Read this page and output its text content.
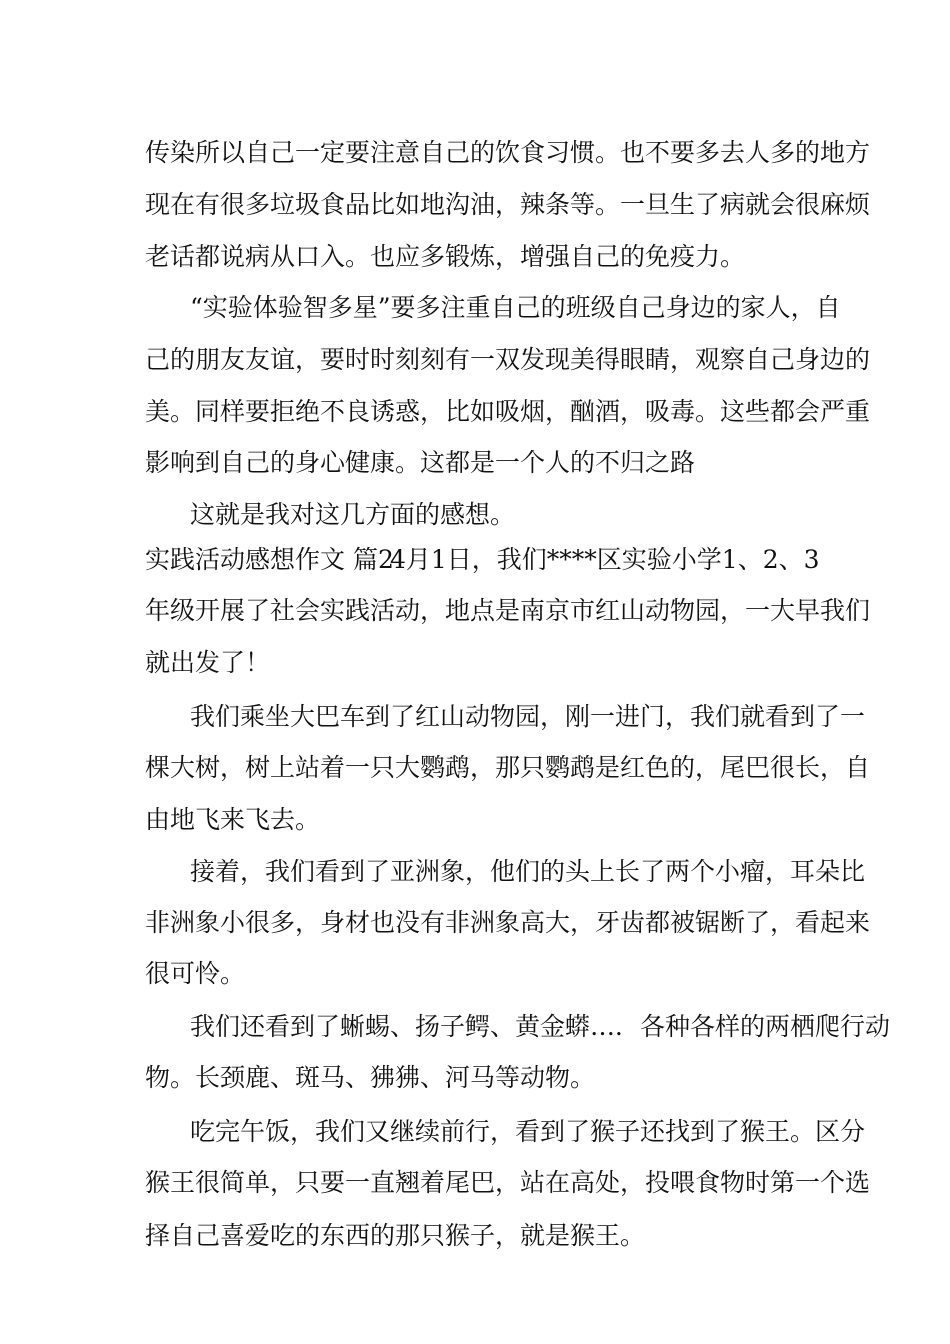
传染所以自己一定要注意自己的饮食习惯。也不要多去人多的地方
现在有很多垃圾食品比如地沟油，辣条等。一旦生了病就会很麻烦
老话都说病从口入。也应多锻炼，增强自己的免疫力。
“实验体验智多星”要多注重自己的班级自己身边的家人，自
己的朋友友谊，要时时刻刻有一双发现美得眼睛，观察自己身边的
美。同样要拒绝不良诱惑，比如吸烟，酗酒，吸毒。这些都会严重
影响到自己的身心健康。这都是一个人的不归之路
这就是我对这几方面的感想。
实践活动感想作文 篇24月1日，我们****区实验小学1、2、3
年级开展了社会实践活动，地点是南京市红山动物园，一大早我们
就出发了！
我们乘坐大巴车到了红山动物园，刚一进门，我们就看到了一
棵大树，树上站着一只大鹦鹉，那只鹦鹉是红色的，尾巴很长，自
由地飞来飞去。
接着，我们看到了亚洲象，他们的头上长了两个小瘤，耳朵比
非洲象小很多，身材也没有非洲象高大，牙齿都被锯断了，看起来
很可怜。
我们还看到了蜥蜴、扬子鳄、黄金蟒…．各种各样的两栖爬行动
物。长颈鹿、斑马、狒狒、河马等动物。
吃完午饭，我们又继续前行，看到了猴子还找到了猴王。区分
猴王很简单，只要一直翘着尾巴，站在高处，投喂食物时第一个选
择自己喜爱吃的东西的那只猴子，就是猴王。
